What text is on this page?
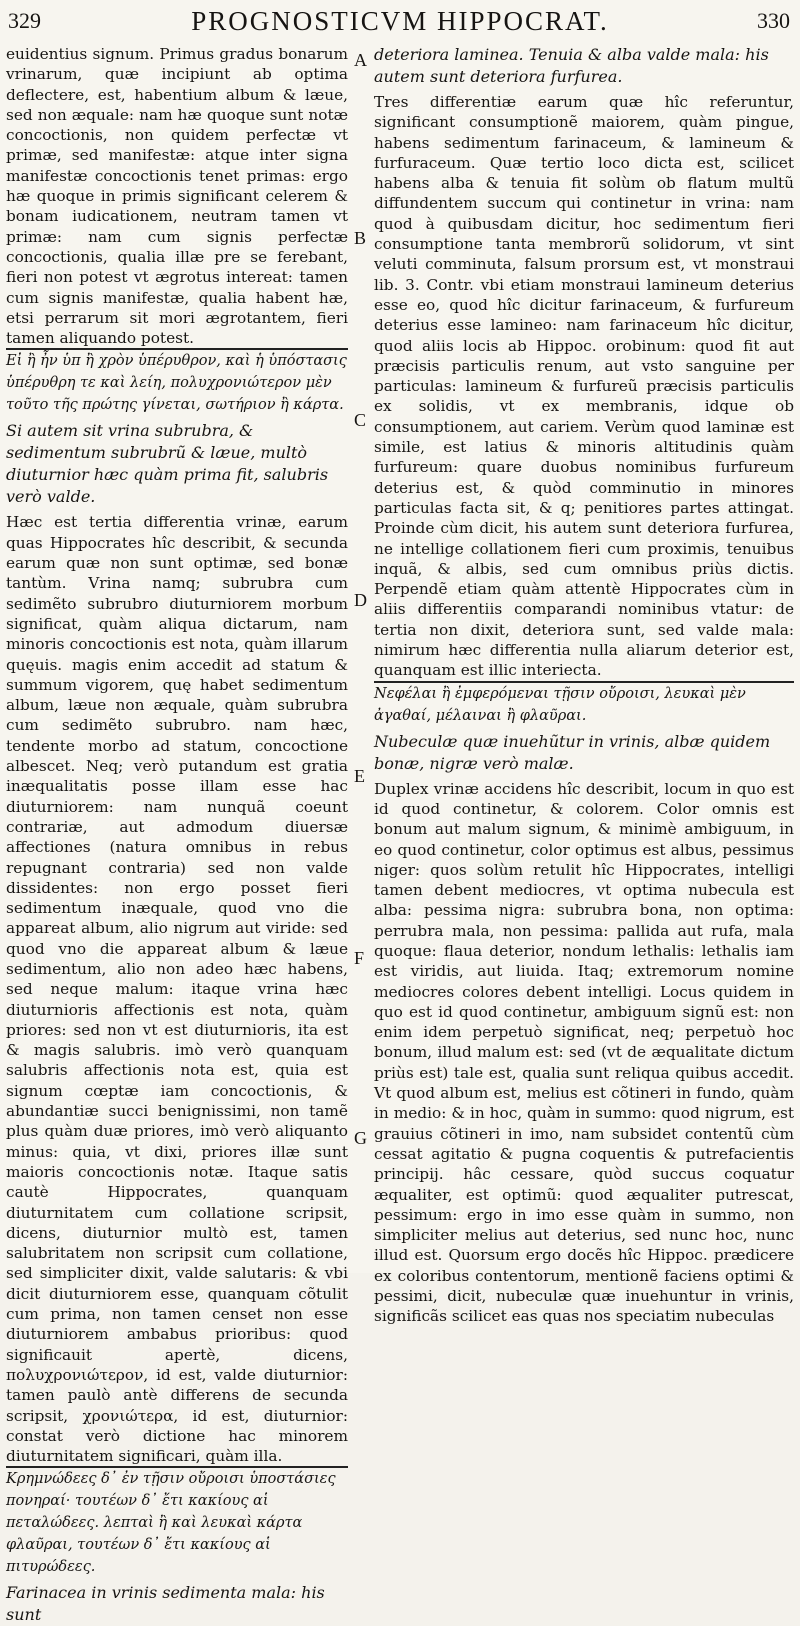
329	PROGNOSTICVM HIPPOCRAT.	330

euidentius signum. Primus gradus bonarum vrinarum, quæ incipiunt ab optima deflectere, est, habentium album & læue, sed non æquale: nam hæ quoque sunt notæ concoctionis, non quidem perfectæ vt primæ, sed manifestæ: atque inter signa manifestæ concoctionis tenet primas: ergo hæ quoque in primis significant celerem & bonam iudicationem, neutram tamen vt primæ: nam cum signis perfectæ concoctionis, qualia illæ pre se ferebant, fieri non potest vt ægrotus intereat: tamen cum signis manifestæ, qualia habent hæ, etsi perrarum sit mori ægrotantem, fieri tamen aliquando potest.

Εἰ ἢ ἦν ὑπ ἢ χρὸν ὑπέρυθρον, καὶ ἡ ὑπόστασις ὑπέρυθρη τε καὶ λείη, πολυχρονιώτερον μὲν τοῦτο τῆς πρώτης γίνεται, σωτήριον ἢ κάρτα.

Si autem sit vrina subrubra, & sedimentum subrubrũ & læue, multò diuturnior hæc quàm prima fit, salubris verò valde.

Hæc est tertia differentia vrinæ, earum quas Hippocrates hîc describit, & secunda earum quæ non sunt optimæ, sed bonæ tantùm. Vrina namq; subrubra cum sedimẽto subrubro diuturniorem morbum significat, quàm aliqua dictarum, nam minoris concoctionis est nota, quàm illarum quęuis. magis enim accedit ad statum & summum vigorem, quę habet sedimentum album, læue non æquale, quàm subrubra cum sedimẽto subrubro. nam hæc, tendente morbo ad statum, concoctione albescet. Neq; verò putandum est gratia inæqualitatis posse illam esse hac diuturniorem: nam nunquã coeunt contrariæ, aut admodum diuersæ affectiones (natura omnibus in rebus repugnant contraria) sed non valde dissidentes: non ergo posset fieri sedimentum inæquale, quod vno die appareat album, alio nigrum aut viride: sed quod vno die appareat album & læue sedimentum, alio non adeo hæc habens, sed neque malum: itaque vrina hæc diuturnioris affectionis est nota, quàm priores: sed non vt est diuturnioris, ita est & magis salubris. imò verò quanquam salubris affectionis nota est, quia est signum cœptæ iam concoctionis, & abundantiæ succi benignissimi, non tamẽ plus quàm duæ priores, imò verò aliquanto minus: quia, vt dixi, priores illæ sunt maioris concoctionis notæ. Itaque satis cautè Hippocrates, quanquam diuturnitatem cum collatione scripsit, dicens, diuturnior multò est, tamen salubritatem non scripsit cum collatione, sed simpliciter dixit, valde salutaris: & vbi dicit diuturniorem esse, quanquam cõtulit cum prima, non tamen censet non esse diuturniorem ambabus prioribus: quod significauit apertè, dicens, πολυχρονιώτερον, id est, valde diuturnior: tamen paulò antè differens de secunda scripsit, χρονιώτερα, id est, diuturnior: constat verò dictione hac minorem diuturnitatem significari, quàm illa.

Κρημνώδεες δ᾽ ἐν τῇσιν οὔροισι ὑποστάσιες πονηραί· τουτέων δ᾽ ἔτι κακίους αἱ πεταλώδεες. λεπταὶ ἢ καὶ λευκαὶ κάρτα φλαῦραι, τουτέων δ᾽ ἔτι κακίους αἱ πιτυρώδεες.

Farinacea in vrinis sedimenta mala: his sunt

A
B
C
D
E
F
G

deteriora laminea. Tenuia & alba valde mala: his autem sunt deteriora furfurea.

Tres differentiæ earum quæ hîc referuntur, significant consumptionẽ maiorem, quàm pingue, habens sedimentum farinaceum, & lamineum & furfuraceum. Quæ tertio loco dicta est, scilicet habens alba & tenuia fit solùm ob flatum multũ diffundentem succum qui continetur in vrina: nam quod à quibusdam dicitur, hoc sedimentum fieri consumptione tanta membrorũ solidorum, vt sint veluti comminuta, falsum prorsum est, vt monstraui lib. 3. Contr. vbi etiam monstraui lamineum deterius esse eo, quod hîc dicitur farinaceum, & furfureum deterius esse lamineo: nam farinaceum hîc dicitur, quod aliis locis ab Hippoc. orobinum: quod fit aut præcisis particulis renum, aut vsto sanguine per particulas: lamineum & furfureũ præcisis particulis ex solidis, vt ex membranis, idque ob consumptionem, aut cariem. Verùm quod laminæ est simile, est latius & minoris altitudinis quàm furfureum: quare duobus nominibus furfureum deterius est, & quòd comminutio in minores particulas facta sit, & q; penitiores partes attingat. Proinde cùm dicit, his autem sunt deteriora furfurea, ne intellige collationem fieri cum proximis, tenuibus inquã, & albis, sed cum omnibus priùs dictis. Perpendẽ etiam quàm attentè Hippocrates cùm in aliis differentiis comparandi nominibus vtatur: de tertia non dixit, deteriora sunt, sed valde mala: nimirum hæc differentia nulla aliarum deterior est, quanquam est illic interiecta.

Νεφέλαι ἢ ἐμφερόμεναι τῇσιν οὔροισι, λευκαὶ μὲν ἀγαθαί, μέλαιναι ἢ φλαῦραι.

Nubeculæ quæ inuehũtur in vrinis, albæ quidem bonæ, nigræ verò malæ.

Duplex vrinæ accidens hîc describit, locum in quo est id quod continetur, & colorem. Color omnis est bonum aut malum signum, & minimè ambiguum, in eo quod continetur, color optimus est albus, pessimus niger: quos solùm retulit hîc Hippocrates, intelligi tamen debent mediocres, vt optima nubecula est alba: pessima nigra: subrubra bona, non optima: perrubra mala, non pessima: pallida aut rufa, mala quoque: flaua deterior, nondum lethalis: lethalis iam est viridis, aut liuida. Itaq; extremorum nomine mediocres colores debent intelligi. Locus quidem in quo est id quod continetur, ambiguum signũ est: non enim idem perpetuò significat, neq; perpetuò hoc bonum, illud malum est: sed (vt de æqualitate dictum priùs est) tale est, qualia sunt reliqua quibus accedit. Vt quod album est, melius est cõtineri in fundo, quàm in medio: & in hoc, quàm in summo: quod nigrum, est grauius cõtineri in imo, nam subsidet contentũ cùm cessat agitatio & pugna coquentis & putrefacientis principij. hâc cessare, quòd succus coquatur æqualiter, est optimũ: quod æqualiter putrescat, pessimum: ergo in imo esse quàm in summo, non simpliciter melius aut deterius, sed nunc hoc, nunc illud est. Quorsum ergo docẽs hîc Hippoc. prædicere ex coloribus contentorum, mentionẽ faciens optimi & pessimi, dicit, nubeculæ quæ inuehuntur in vrinis, significãs scilicet eas quas nos speciatim nubeculas
